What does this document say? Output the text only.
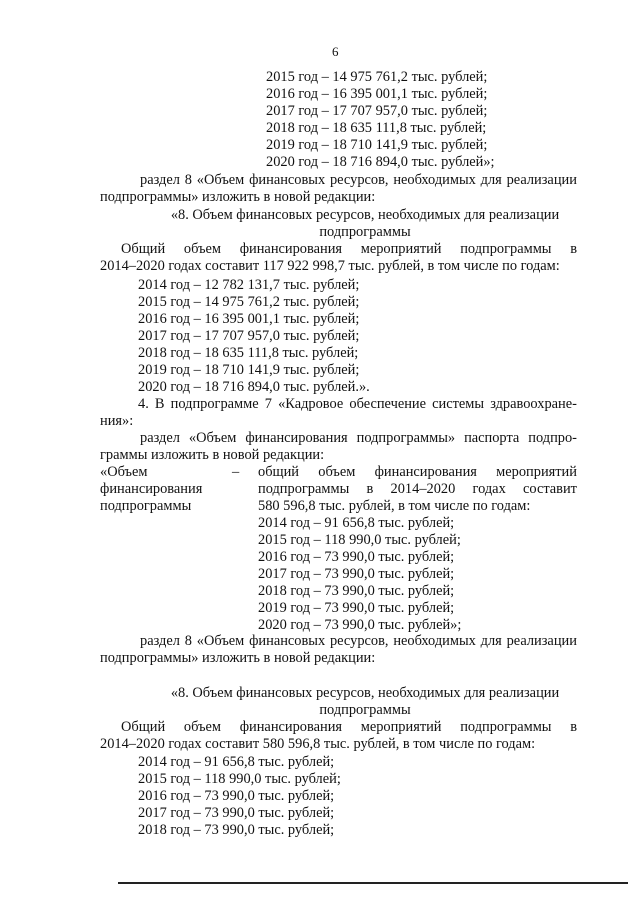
6
2015 год – 14 975 761,2 тыс. рублей;
2016 год – 16 395 001,1 тыс. рублей;
2017 год – 17 707 957,0 тыс. рублей;
2018 год – 18 635 111,8 тыс. рублей;
2019 год – 18 710 141,9 тыс. рублей;
2020 год – 18 716 894,0 тыс. рублей»;
раздел 8 «Объем финансовых ресурсов, необходимых для реализации
подпрограммы» изложить в новой редакции:
«8. Объем финансовых ресурсов, необходимых для реализации
подпрограммы
Общий объем финансирования мероприятий подпрограммы в
2014–2020 годах составит 117 922 998,7 тыс. рублей, в том числе по годам:
2014 год – 12 782 131,7 тыс. рублей;
2015 год – 14 975 761,2 тыс. рублей;
2016 год – 16 395 001,1 тыс. рублей;
2017 год – 17 707 957,0 тыс. рублей;
2018 год – 18 635 111,8 тыс. рублей;
2019 год – 18 710 141,9 тыс. рублей;
2020 год – 18 716 894,0 тыс. рублей.».
4. В подпрограмме 7 «Кадровое обеспечение системы здравоохране-
ния»:
раздел «Объем финансирования подпрограммы» паспорта подпро-
граммы изложить в новой редакции:
«Объем
финансирования
подпрограммы
– общий объем финансирования мероприятий
подпрограммы в 2014–2020 годах составит
580 596,8 тыс. рублей, в том числе по годам:
2014 год – 91 656,8 тыс. рублей;
2015 год – 118 990,0 тыс. рублей;
2016 год – 73 990,0 тыс. рублей;
2017 год – 73 990,0 тыс. рублей;
2018 год – 73 990,0 тыс. рублей;
2019 год – 73 990,0 тыс. рублей;
2020 год – 73 990,0 тыс. рублей»;
раздел 8 «Объем финансовых ресурсов, необходимых для реализации
подпрограммы» изложить в новой редакции:
«8. Объем финансовых ресурсов, необходимых для реализации
подпрограммы
Общий объем финансирования мероприятий подпрограммы в
2014–2020 годах составит 580 596,8 тыс. рублей, в том числе по годам:
2014 год – 91 656,8 тыс. рублей;
2015 год – 118 990,0 тыс. рублей;
2016 год – 73 990,0 тыс. рублей;
2017 год – 73 990,0 тыс. рублей;
2018 год – 73 990,0 тыс. рублей;
